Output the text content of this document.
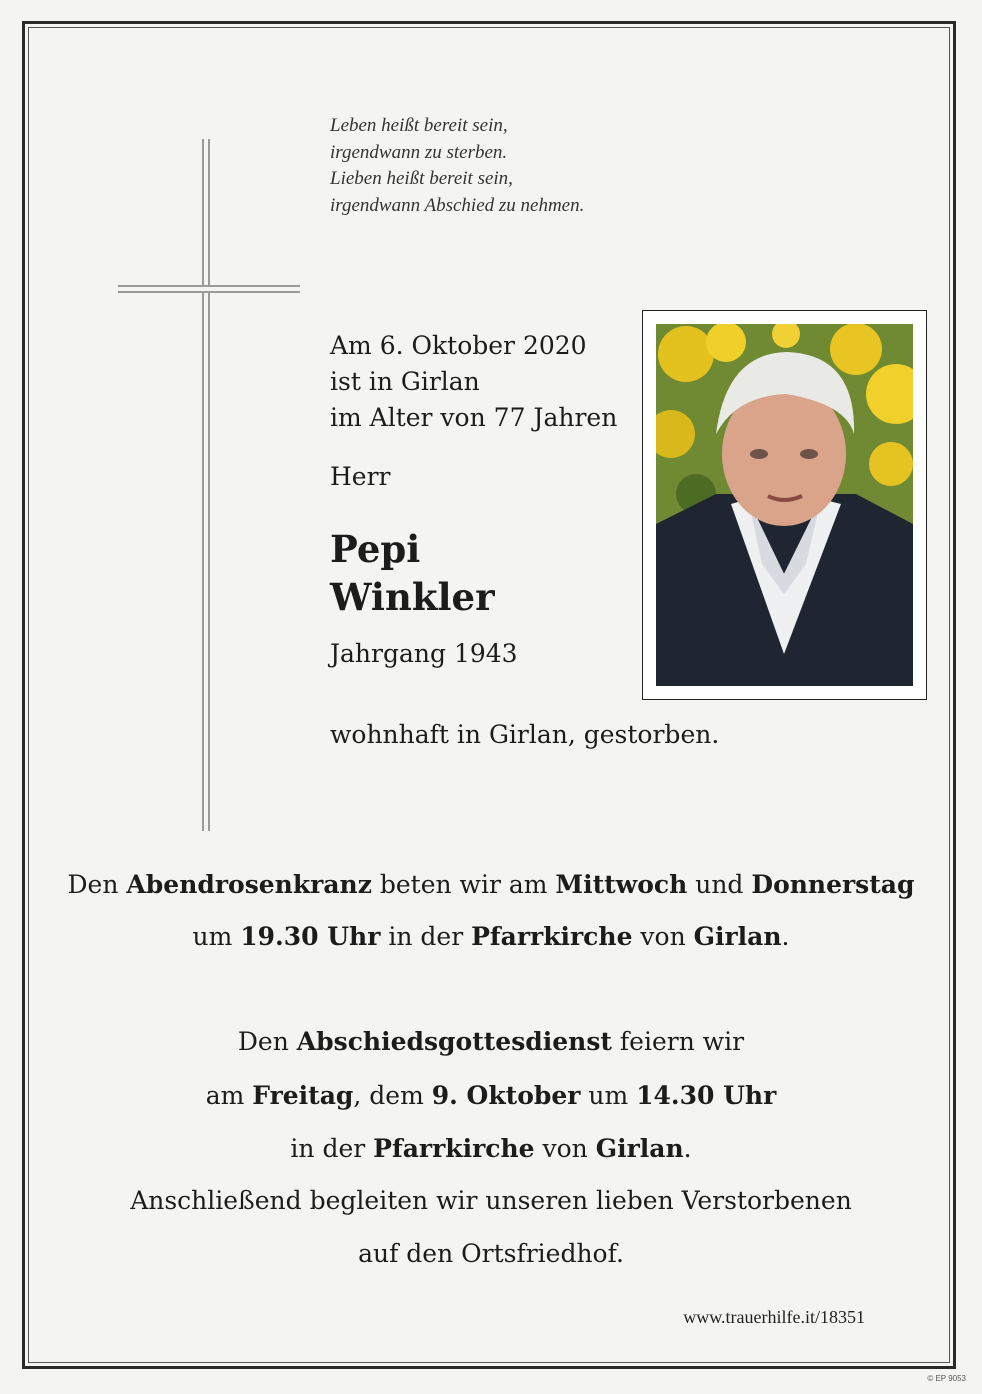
Leben heißt bereit sein,
irgendwann zu sterben.
Lieben heißt bereit sein,
irgendwann Abschied zu nehmen.
Am 6. Oktober 2020
ist in Girlan
im Alter von 77 Jahren
Herr
Pepi
Winkler
Jahrgang 1943
wohnhaft in Girlan, gestorben.
Den Abendrosenkranz beten wir am Mittwoch und Donnerstag
um 19.30 Uhr in der Pfarrkirche von Girlan.
Den Abschiedsgottesdienst feiern wir
am Freitag, dem 9. Oktober um 14.30 Uhr
in der Pfarrkirche von Girlan.
Anschließend begleiten wir unseren lieben Verstorbenen
auf den Ortsfriedhof.
www.trauerhilfe.it/18351
© EP 9053
